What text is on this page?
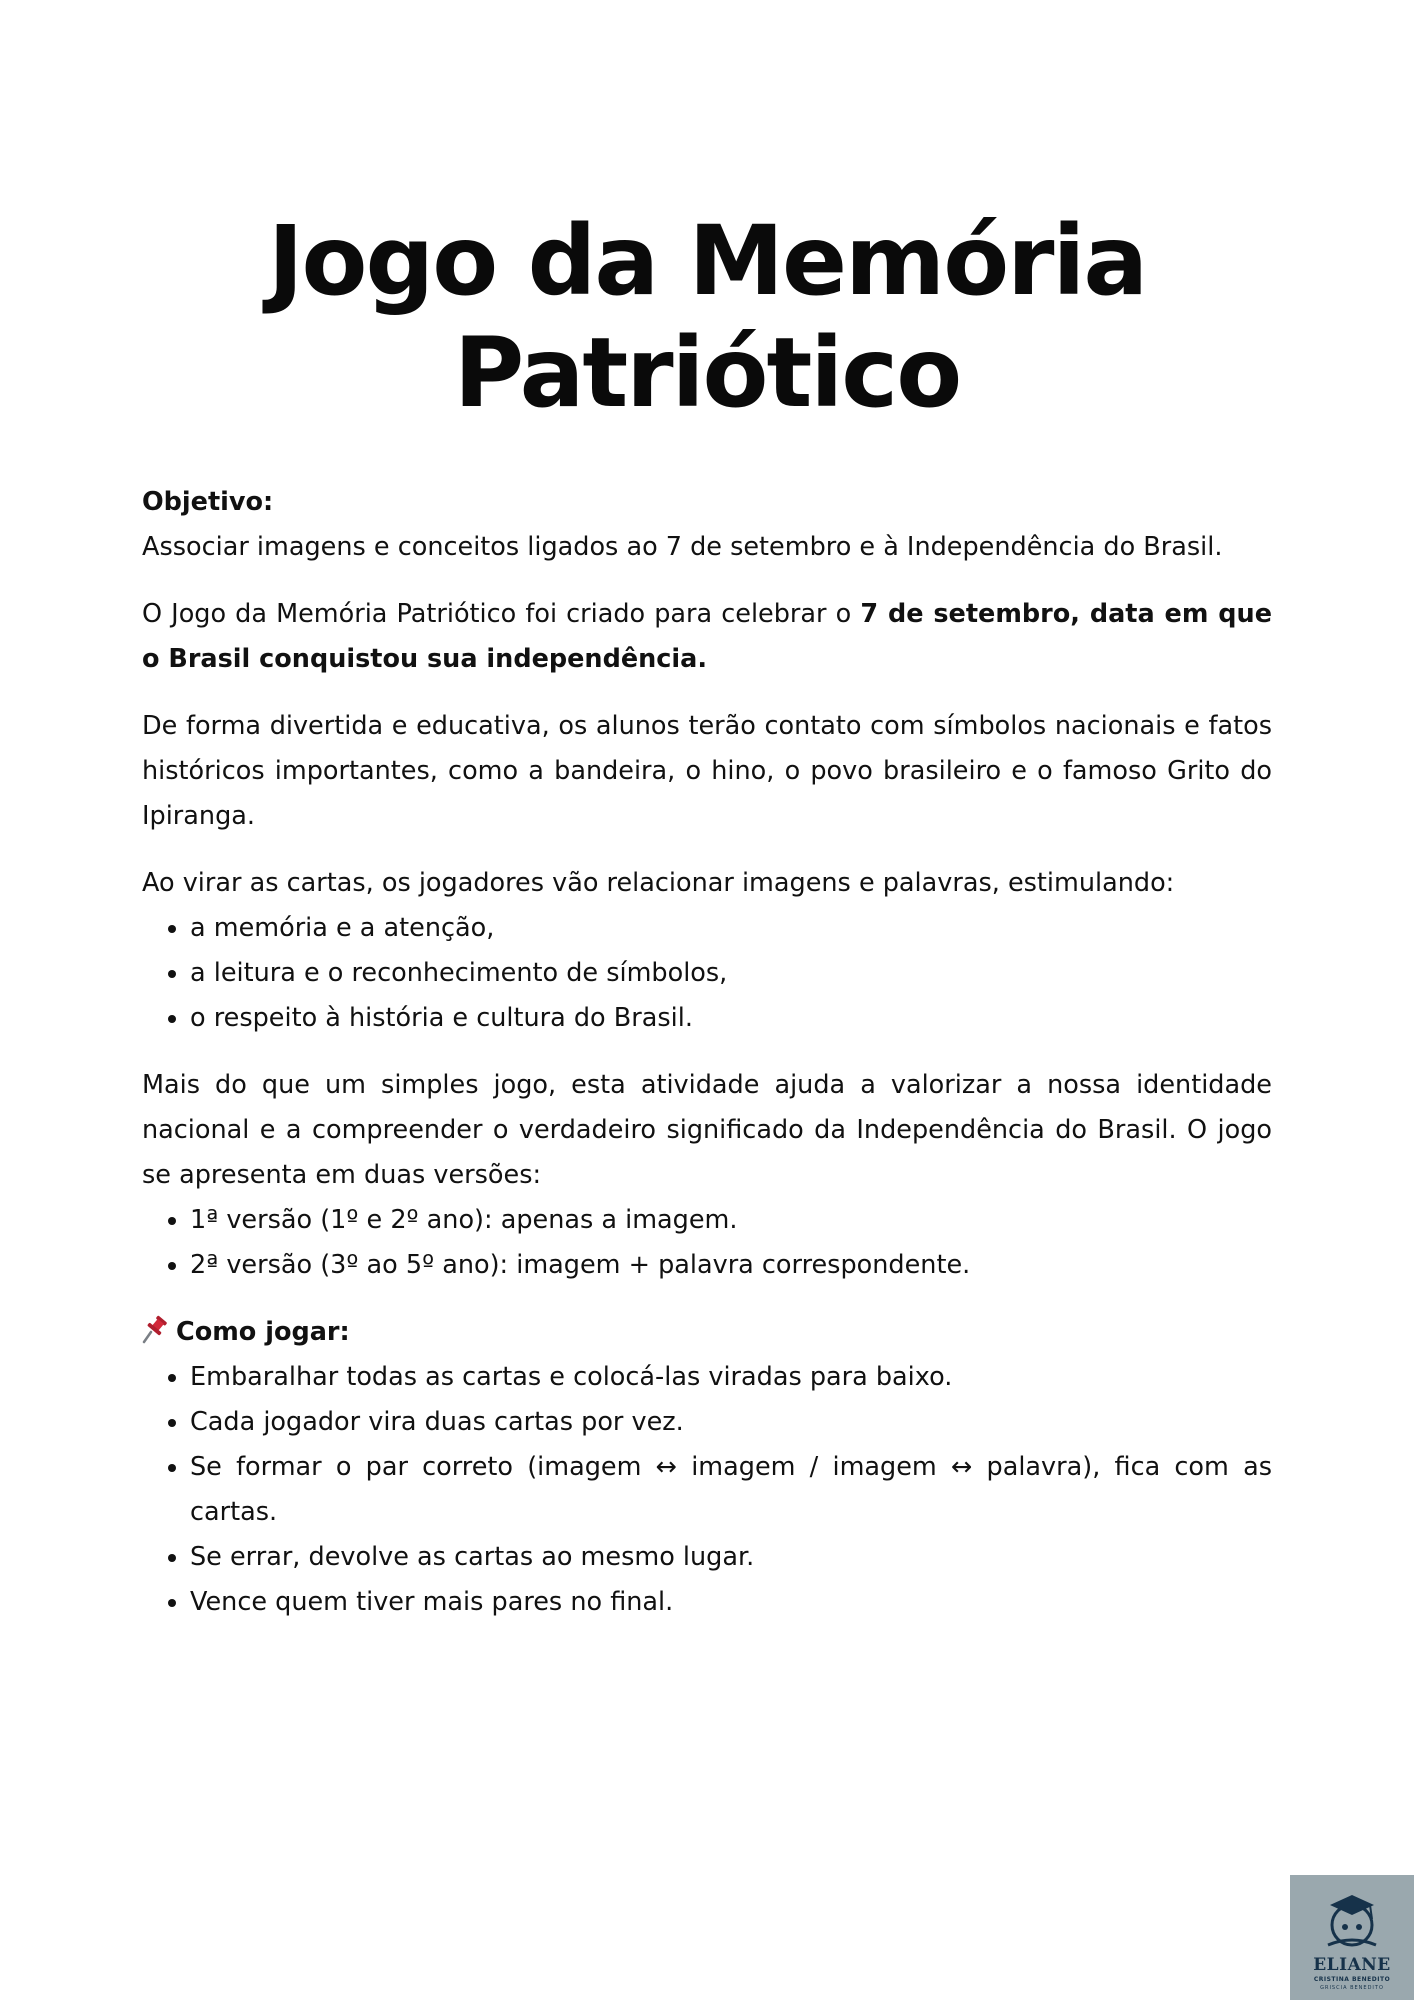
Jogo da Memória
Patriótico

Objetivo:

Associar imagens e conceitos ligados ao 7 de setembro e à Independência do Brasil.

O Jogo da Memória Patriótico foi criado para celebrar o 7 de setembro, data em que o Brasil conquistou sua independência.

De forma divertida e educativa, os alunos terão contato com símbolos nacionais e fatos históricos importantes, como a bandeira, o hino, o povo brasileiro e o famoso Grito do Ipiranga.

Ao virar as cartas, os jogadores vão relacionar imagens e palavras, estimulando:

• a memória e a atenção,
• a leitura e o reconhecimento de símbolos,
• o respeito à história e cultura do Brasil.

Mais do que um simples jogo, esta atividade ajuda a valorizar a nossa identidade nacional e a compreender o verdadeiro significado da Independência do Brasil. O jogo se apresenta em duas versões:

• 1ª versão (1º e 2º ano): apenas a imagem.
• 2ª versão (3º ao 5º ano): imagem + palavra correspondente.

Como jogar:

• Embaralhar todas as cartas e colocá-las viradas para baixo.
• Cada jogador vira duas cartas por vez.
• Se formar o par correto (imagem ↔ imagem / imagem ↔ palavra), fica com as cartas.
• Se errar, devolve as cartas ao mesmo lugar.
• Vence quem tiver mais pares no final.
ELIANE
CRISTINA BENEDITO
GRISCIA BENEDITO
